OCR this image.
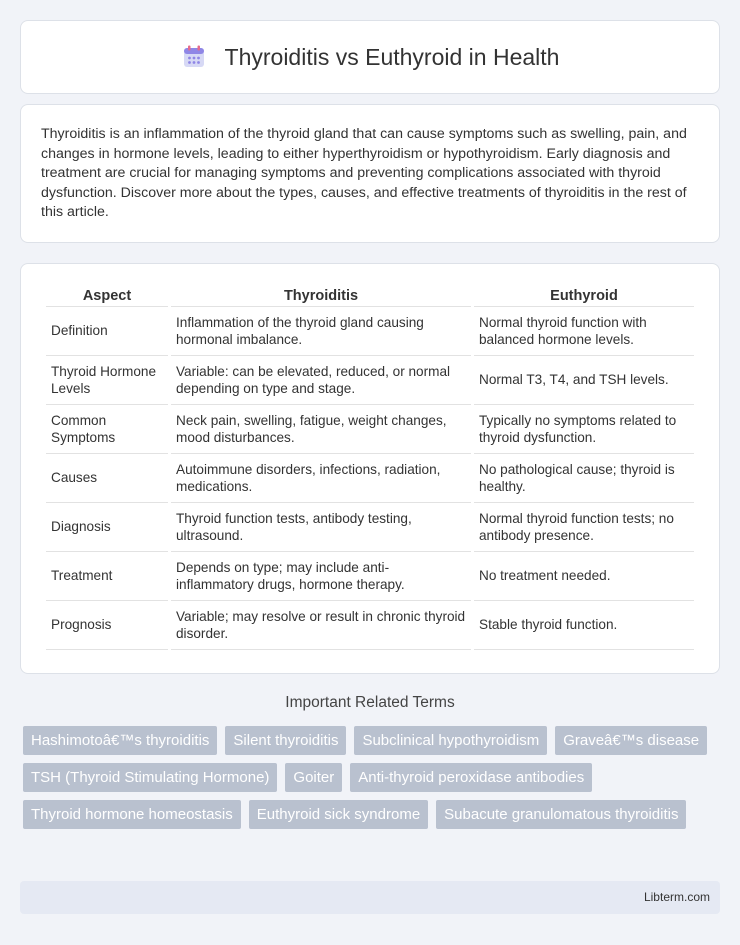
Thyroiditis vs Euthyroid in Health

Thyroiditis is an inflammation of the thyroid gland that can cause symptoms such as swelling, pain, and changes in hormone levels, leading to either hyperthyroidism or hypothyroidism. Early diagnosis and treatment are crucial for managing symptoms and preventing complications associated with thyroid dysfunction. Discover more about the types, causes, and effective treatments of thyroiditis in the rest of this article.

Aspect	Thyroiditis	Euthyroid
Definition	Inflammation of the thyroid gland causing hormonal imbalance.	Normal thyroid function with balanced hormone levels.
Thyroid Hormone Levels	Variable: can be elevated, reduced, or normal depending on type and stage.	Normal T3, T4, and TSH levels.
Common Symptoms	Neck pain, swelling, fatigue, weight changes, mood disturbances.	Typically no symptoms related to thyroid dysfunction.
Causes	Autoimmune disorders, infections, radiation, medications.	No pathological cause; thyroid is healthy.
Diagnosis	Thyroid function tests, antibody testing, ultrasound.	Normal thyroid function tests; no antibody presence.
Treatment	Depends on type; may include anti-inflammatory drugs, hormone therapy.	No treatment needed.
Prognosis	Variable; may resolve or result in chronic thyroid disorder.	Stable thyroid function.
Important Related Terms
Hashimotoâ€™s thyroiditis	Silent thyroiditis	Subclinical hypothyroidism	Graveâ€™s disease
TSH (Thyroid Stimulating Hormone)	Goiter	Anti-thyroid peroxidase antibodies
Thyroid hormone homeostasis	Euthyroid sick syndrome	Subacute granulomatous thyroiditis
Libterm.com
